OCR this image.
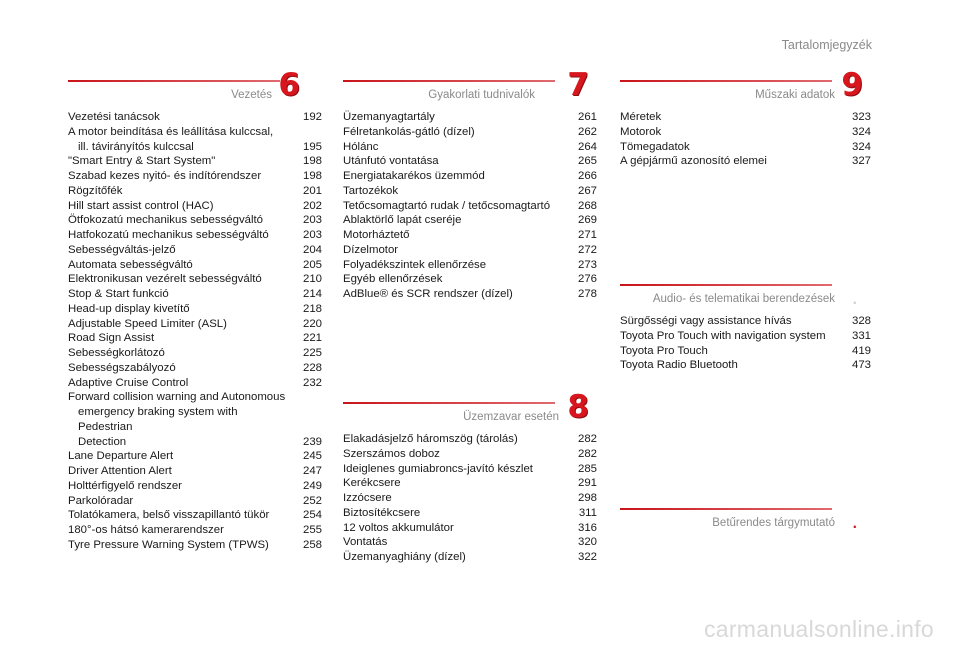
Tartalomjegyzék
Vezetés 6
Vezetési tanácsok	192
A motor beindítása és leállítása kulccsal,
ill. távirányítós kulccsal	195
"Smart Entry & Start System"	198
Szabad kezes nyitó- és indítórendszer	198
Rögzítőfék	201
Hill start assist control (HAC)	202
Ötfokozatú mechanikus sebességváltó	203
Hatfokozatú mechanikus sebességváltó	203
Sebességváltás-jelző	204
Automata sebességváltó	205
Elektronikusan vezérelt sebességváltó	210
Stop & Start funkció	214
Head-up display kivetítő	218
Adjustable Speed Limiter (ASL)	220
Road Sign Assist	221
Sebességkorlátozó	225
Sebességszabályozó	228
Adaptive Cruise Control	232
Forward collision warning and Autonomous
emergency braking system with Pedestrian
Detection	239
Lane Departure Alert	245
Driver Attention Alert	247
Holttérfigyelő rendszer	249
Parkolóradar	252
Tolatókamera, belső visszapillantó tükör	254
180°-os hátsó kamerarendszer	255
Tyre Pressure Warning System (TPWS)	258
Gyakorlati tudnivalók 7
Üzemanyagtartály	261
Félretankolás-gátló (dízel)	262
Hólánc	264
Utánfutó vontatása	265
Energiatakarékos üzemmód	266
Tartozékok	267
Tetőcsomagtartó rudak / tetőcsomagtartó	268
Ablaktörlő lapát cseréje	269
Motorháztető	271
Dízelmotor	272
Folyadékszintek ellenőrzése	273
Egyéb ellenőrzések	276
AdBlue® és SCR rendszer (dízel)	278
Üzemzavar esetén 8
Elakadásjelző háromszög (tárolás)	282
Szerszámos doboz	282
Ideiglenes gumiabroncs-javító készlet	285
Kerékcsere	291
Izzócsere	298
Biztosítékcsere	311
12 voltos akkumulátor	316
Vontatás	320
Üzemanyaghiány (dízel)	322
Műszaki adatok 9
Méretek	323
Motorok	324
Tömegadatok	324
A gépjármű azonosító elemei	327
Audio- és telematikai berendezések .
Sürgősségi vagy assistance hívás	328
Toyota Pro Touch with navigation system	331
Toyota Pro Touch	419
Toyota Radio Bluetooth	473
Betűrendes tárgymutató .
carmanualsonline.info
